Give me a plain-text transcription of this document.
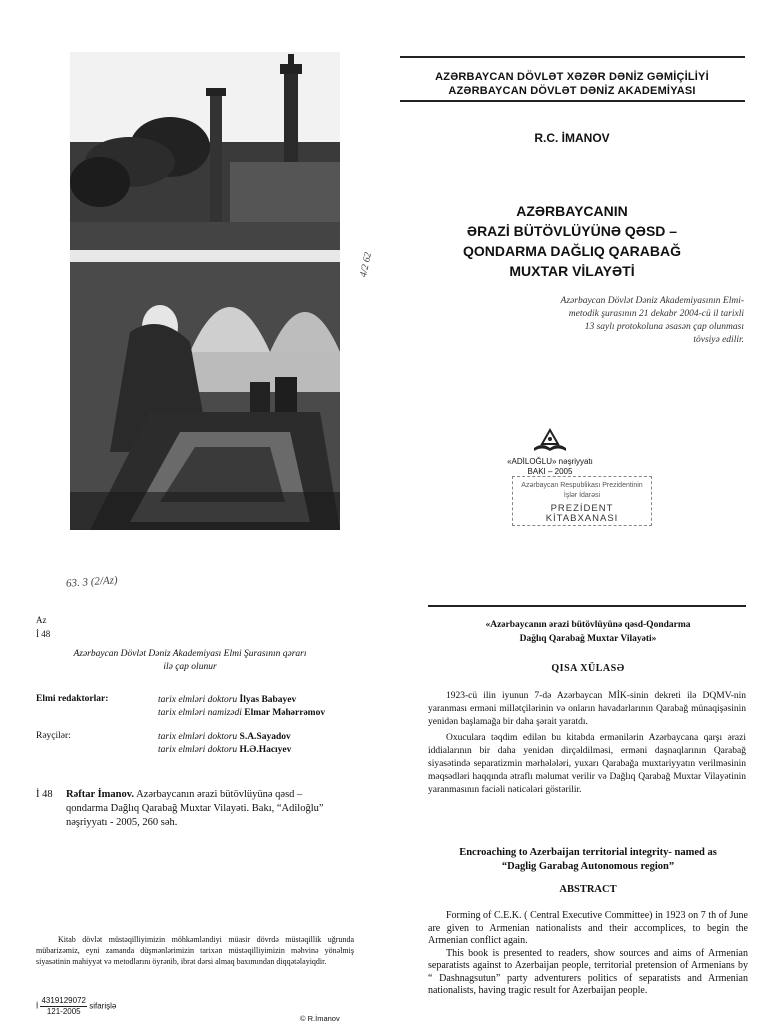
AZƏRBAYCAN DÖVLƏT XƏZƏR DƏNİZ GƏMİÇİLİYİ
AZƏRBAYCAN DÖVLƏT DƏNİZ AKADEMİYASI
R.C. İMANOV
AZƏRBAYCANIN
ƏRAZİ BÜTÖVLÜYÜNƏ QƏSD –
QONDARMA DAĞLIQ QARABAĞ
MUXTAR VİLAYƏTİ
4/2 62
Azərbaycan Dövlət Dəniz Akademiyasının Elmi-metodik şurasının 21 dekabr 2004-cü il tarixli 13 saylı protokoluna əsasən çap olunması tövsiyə edilir.
«ADİLOĞLU» nəşriyyatı
BAKI – 2005
Azərbaycan Respublikası Prezidentinin
İşlər İdarəsi
PREZİDENT KİTABXANASI
63. 3 (2/Az)
Az
İ 48
Azərbaycan Dövlət Dəniz Akademiyası Elmi Şurasının qərarı ilə çap olunur
Elmi redaktorlar:	tarix elmləri doktoru İlyas Babayev
tarix elmləri namizədi Elmar Məhərrəmov
Rəyçilər:	tarix elmləri doktoru S.A.Sayadov
tarix elmləri doktoru H.Ə.Hacıyev
İ 48 Rəftar İmanov. Azərbaycanın ərazi bütövlüyünə qəsd – qondarma Dağlıq Qarabağ Muxtar Vilayəti. Bakı, “Adiloğlu” nəşriyyatı - 2005, 260 səh.
Kitab dövlət müstəqilliyimizin möhkəmləndiyi müasir dövrdə müstəqillik uğrunda mübarizəmiz, eyni zamanda düşmənlərimizin tarixən müstəqilliyimizin məhvinə yönəlmiş siyasətinin mahiyyət və metodlarını öyrənib, ibrət dərsi almaq baxımından diqqətəlayiqdir.
İ $\frac{4319129072}{121-2005}$ sifarişlə
© R.İmanov
«Azərbaycanın ərazi bütövlüyünə qəsd-Qondarma
Dağlıq Qarabağ Muxtar Vilayəti»
QISA XÜLASƏ

1923-cü ilin iyunun 7-də Azərbaycan MİK-sinin dekreti ilə DQMV-nin yaranması erməni millətçilərinin və onların havadarlarının Qarabağ münaqişəsinin yenidən başlamağa bir daha şərait yaratdı.

Oxuculara təqdim edilən bu kitabda ermənilərin Azərbaycana qarşı ərazi iddialarının bir daha yenidən dirçəldilməsi, erməni daşnaqlarının Qarabağ siyasətində separatizmin mərhələləri, yuxarı Qarabağa muxtariyyatın verilməsinin məqsədləri haqqında ətraflı məlumat verilir və Dağlıq Qarabağ Muxtar Vilayətinin yaranmasının faciəli nəticələri göstərilir.

Encroaching to Azerbaijan territorial integrity- named as
“Daglig Garabag Autonomous region”
ABSTRACT

Forming of C.E.K. ( Central Executive Committee) in 1923 on 7 th of June are given to Armenian nationalists and their accomplices, to begin the Armenian conflict again.

This book is presented to readers, show sources and aims of Armenian separatists against to Azerbaijan people, territorial pretension of Armenians by “ Dashnagsutun” party adventurers politics of separatists and Armenian nationalists, having tragic result for Azerbaijan people.
